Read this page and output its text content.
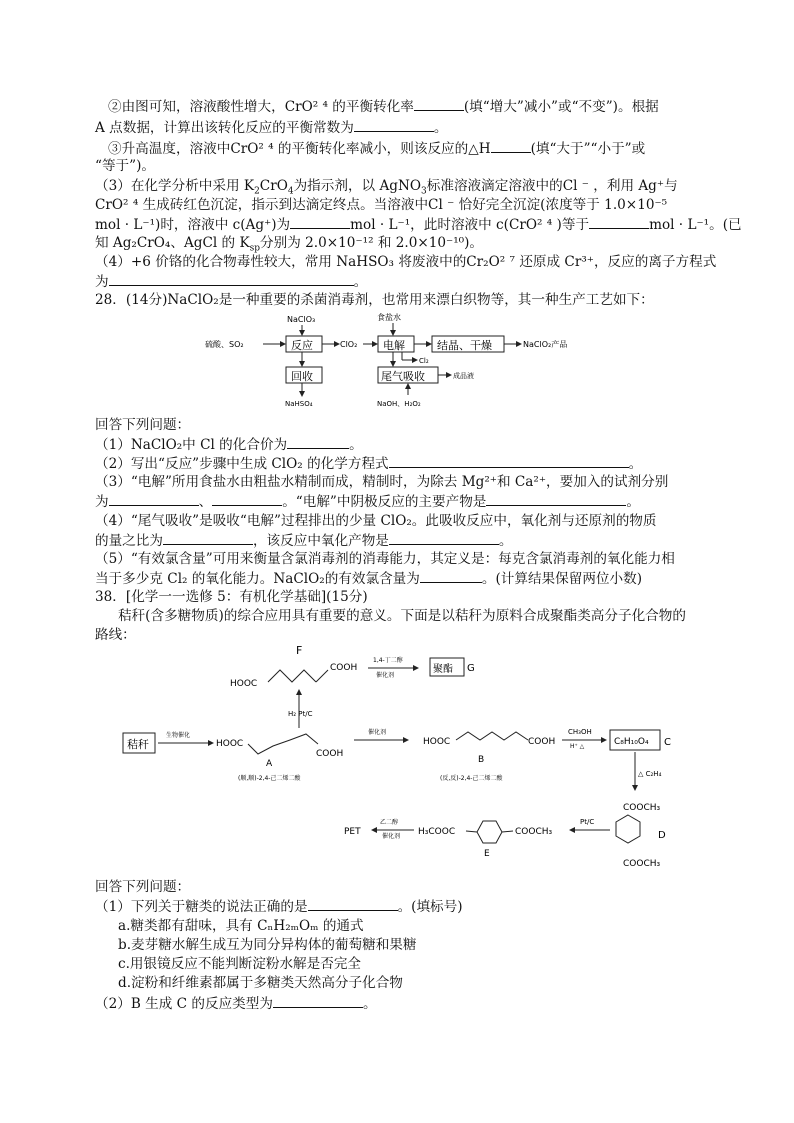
②由图可知，溶液酸性增大，CrO² ⁴ 的平衡转化率	(填“增大”减小”或“不变”)。根据
A 点数据，计算出该转化反应的平衡常数为	。
③升高温度，溶液中CrO² ⁴ 的平衡转化率减小，则该反应的△H	(填“大于”“小于”或
“等于”)。
（3）在化学分析中采用 $K_2CrO_4$为指示剂，以 AgNO$_3$标准溶液滴定溶液中的Cl ⁻ ，利用 Ag⁺与
CrO² ⁴ 生成砖红色沉淀，指示到达滴定终点。当溶液中Cl ⁻ 恰好完全沉淀(浓度等于 1.0×10⁻⁵
mol · L⁻¹)时，溶液中 c(Ag⁺)为	mol · L⁻¹，此时溶液中 c(CrO² ⁴ )等于	mol · L⁻¹。(已
知 Ag₂CrO₄、AgCl 的 $K_{sp}$分别为 2.0×10⁻¹² 和 2.0×10⁻¹⁰)。
（4）+6 价铬的化合物毒性较大，常用 NaHSO₃ 将废液中的Cr₂O² ⁷ 还原成 Cr³⁺，反应的离子方程式
为	。
28．(14分)NaClO₂是一种重要的杀菌消毒剂，也常用来漂白织物等，其一种生产工艺如下：
NaClO₃	食盐水
硫酸、SO₂	反应	ClO₂ 电解	结晶、干燥	NaClO₂产品
Cl₂
回收
NaHSO₄
尾气吸收	成品液
NaOH、H₂O₂
回答下列问题：
（1）NaClO₂中 Cl 的化合价为	。
（2）写出“反应”步骤中生成 ClO₂ 的化学方程式	。
（3）“电解”所用食盐水由粗盐水精制而成，精制时，为除去 Mg²⁺和 Ca²⁺，要加入的试剂分别
为	、	。“电解”中阴极反应的主要产物是	。
（4）“尾气吸收”是吸收“电解”过程排出的少量 ClO₂。此吸收反应中，氧化剂与还原剂的物质
的量之比为	，该反应中氧化产物是	。
（5）“有效氯含量”可用来衡量含氯消毒剂的消毒能力，其定义是：每克含氯消毒剂的氧化能力相
当于多少克 Cl₂ 的氧化能力。NaClO₂的有效氯含量为	。(计算结果保留两位小数)
38．[化学一一选修 5：有机化学基础](15分)
秸秆(含多糖物质)的综合应用具有重要的意义。下面是以秸秆为原料合成聚酯类高分子化合物的
路线：
F
COOH
HOOC
1,4-丁二醇
催化剂
聚酯 G
H₂ Pt/C
秸秆
生物催化
HOOC
COOH
A
(顺,顺)-2,4-己二烯二酸
催化剂
HOOC	COOH
B
(反,反)-2,4-己二烯二酸
CH₃OH
H⁺ △	C₈H₁₀O₄ C
△ C₂H₄
COOCH₃
COOCH₃
D
Pt/C
H₃COOC	COOCH₃
E
乙二醇
催化剂
PET
回答下列问题：
（1）下列关于糖类的说法正确的是	。(填标号)
a.糖类都有甜味，具有 CₙH₂ₘOₘ 的通式
b.麦芽糖水解生成互为同分异构体的葡萄糖和果糖
c.用银镜反应不能判断淀粉水解是否完全
d.淀粉和纤维素都属于多糖类天然高分子化合物
（2）B 生成 C 的反应类型为	。
